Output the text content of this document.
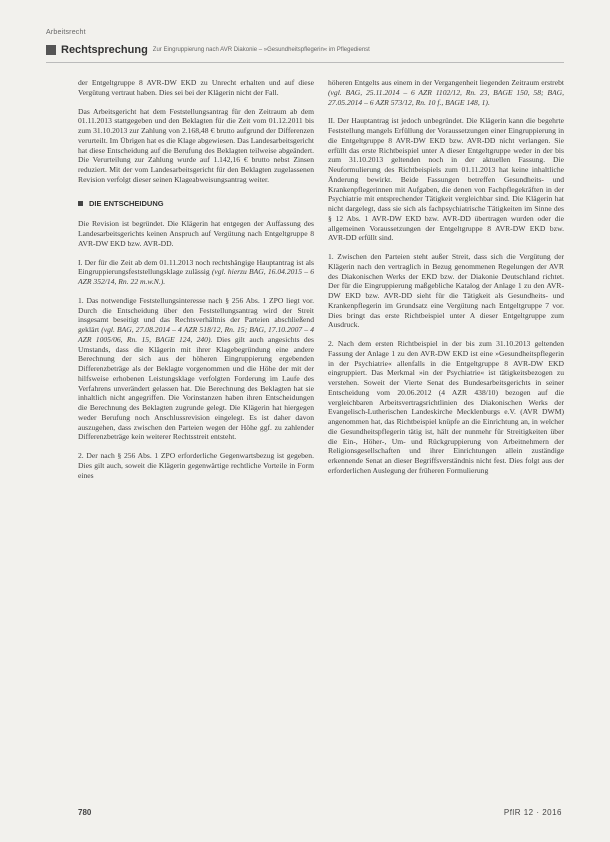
Arbeitsrecht
Rechtsprechung Zur Eingruppierung nach AVR Diakonie – »Gesundheitspflegerin« im Pflegedienst

der Entgeltgruppe 8 AVR-DW EKD zu Unrecht erhalten und auf diese Vergütung vertraut haben. Dies sei bei der Klägerin nicht der Fall.

Das Arbeitsgericht hat dem Feststellungsantrag für den Zeitraum ab dem 01.11.2013 stattgegeben und den Beklagten für die Zeit vom 01.12.2011 bis zum 31.10.2013 zur Zahlung von 2.168,48 € brutto aufgrund der Differenzen verurteilt. Im Übrigen hat es die Klage abgewiesen. Das Landesarbeitsgericht hat diese Entscheidung auf die Berufung des Beklagten teilweise abgeändert. Die Verurteilung zur Zahlung wurde auf 1.142,16 € brutto nebst Zinsen reduziert. Mit der vom Landesarbeitsgericht für den Beklagten zugelassenen Revision verfolgt dieser seinen Klageabweisungsantrag weiter.

DIE ENTSCHEIDUNG

Die Revision ist begründet. Die Klägerin hat entgegen der Auffassung des Landesarbeitsgerichts keinen Anspruch auf Vergütung nach Entgeltgruppe 8 AVR-DW EKD bzw. AVR-DD.

I. Der für die Zeit ab dem 01.11.2013 noch rechtshängige Hauptantrag ist als Eingruppierungsfeststellungsklage zulässig (vgl. hierzu BAG, 16.04.2015 – 6 AZR 352/14, Rn. 22 m.w.N.).

1. Das notwendige Feststellungsinteresse nach § 256 Abs. 1 ZPO liegt vor. Durch die Entscheidung über den Feststellungsantrag wird der Streit insgesamt beseitigt und das Rechtsverhältnis der Parteien abschließend geklärt (vgl. BAG, 27.08.2014 – 4 AZR 518/12, Rn. 15; BAG, 17.10.2007 – 4 AZR 1005/06, Rn. 15, BAGE 124, 240). Dies gilt auch angesichts des Umstands, dass die Klägerin mit ihrer Klagebegründung eine andere Berechnung der sich aus der höheren Eingruppierung ergebenden Differenzbeträge als der Beklagte vorgenommen und die Höhe der mit der hilfsweise erhobenen Leistungsklage verfolgten Forderung im Laufe des Verfahrens unverändert gelassen hat. Die Berechnung des Beklagten hat sie inhaltlich nicht angegriffen. Die Vorinstanzen haben ihren Entscheidungen die Berechnung des Beklagten zugrunde gelegt. Die Klägerin hat hiergegen weder Berufung noch Anschlussrevision eingelegt. Es ist daher davon auszugehen, dass zwischen den Parteien wegen der Höhe ggf. zu zahlender Differenzbeträge kein weiterer Rechtsstreit entsteht.

2. Der nach § 256 Abs. 1 ZPO erforderliche Gegenwartsbezug ist gegeben. Dies gilt auch, soweit die Klägerin gegenwärtige rechtliche Vorteile in Form eines

höheren Entgelts aus einem in der Vergangenheit liegenden Zeitraum erstrebt (vgl. BAG, 25.11.2014 – 6 AZR 1102/12, Rn. 23, BAGE 150, 58; BAG, 27.05.2014 – 6 AZR 573/12, Rn. 10 f., BAGE 148, 1).

II. Der Hauptantrag ist jedoch unbegründet. Die Klägerin kann die begehrte Feststellung mangels Erfüllung der Voraussetzungen einer Eingruppierung in die Entgeltgruppe 8 AVR-DW EKD bzw. AVR-DD nicht verlangen. Sie erfüllt das erste Richtbeispiel unter A dieser Entgeltgruppe weder in der bis zum 31.10.2013 geltenden noch in der aktuellen Fassung. Die Neuformulierung des Richtbeispiels zum 01.11.2013 hat keine inhaltliche Änderung bewirkt. Beide Fassungen betreffen Gesundheits- und Krankenpflegerinnen mit Aufgaben, die denen von Fachpflegekräften in der Psychiatrie mit entsprechender Tätigkeit vergleichbar sind. Die Klägerin hat nicht dargelegt, dass sie sich als fachpsychiatrische Tätigkeiten im Sinne des § 12 Abs. 1 AVR-DW EKD bzw. AVR-DD übertragen wurden oder die allgemeinen Voraussetzungen der Entgeltgruppe 8 AVR-DW EKD bzw. AVR-DD erfüllt sind.

1. Zwischen den Parteien steht außer Streit, dass sich die Vergütung der Klägerin nach den vertraglich in Bezug genommenen Regelungen der AVR des Diakonischen Werks der EKD bzw. der Diakonie Deutschland richtet. Der für die Eingruppierung maßgebliche Katalog der Anlage 1 zu den AVR-DW EKD bzw. AVR-DD sieht für die Tätigkeit als Gesundheits- und Krankenpflegerin im Grundsatz eine Vergütung nach Entgeltgruppe 7 vor. Dies bringt das erste Richtbeispiel unter A dieser Entgeltgruppe zum Ausdruck.

2. Nach dem ersten Richtbeispiel in der bis zum 31.10.2013 geltenden Fassung der Anlage 1 zu den AVR-DW EKD ist eine »Gesundheitspflegerin in der Psychiatrie« allenfalls in die Entgeltgruppe 8 AVR-DW EKD eingruppiert. Das Merkmal »in der Psychiatrie« ist tätigkeitsbezogen zu verstehen. Soweit der Vierte Senat des Bundesarbeitsgerichts in seiner Entscheidung vom 20.06.2012 (4 AZR 438/10) bezogen auf die vergleichbaren Arbeitsvertragsrichtlinien des Diakonischen Werks der Evangelisch-Lutherischen Landeskirche Mecklenburgs e.V. (AVR DWM) angenommen hat, das Richtbeispiel knüpfe an die Einrichtung an, in welcher die Gesundheitspflegerin tätig ist, hält der nunmehr für Streitigkeiten über die Ein-, Höher-, Um- und Rückgruppierung von Arbeitnehmern der Religionsgesellschaften und ihrer Einrichtungen allein zuständige erkennende Senat an dieser Begriffsverständnis nicht fest. Dies folgt aus der erforderlichen Auslegung der früheren Formulierung

780	PflR 12 · 2016
